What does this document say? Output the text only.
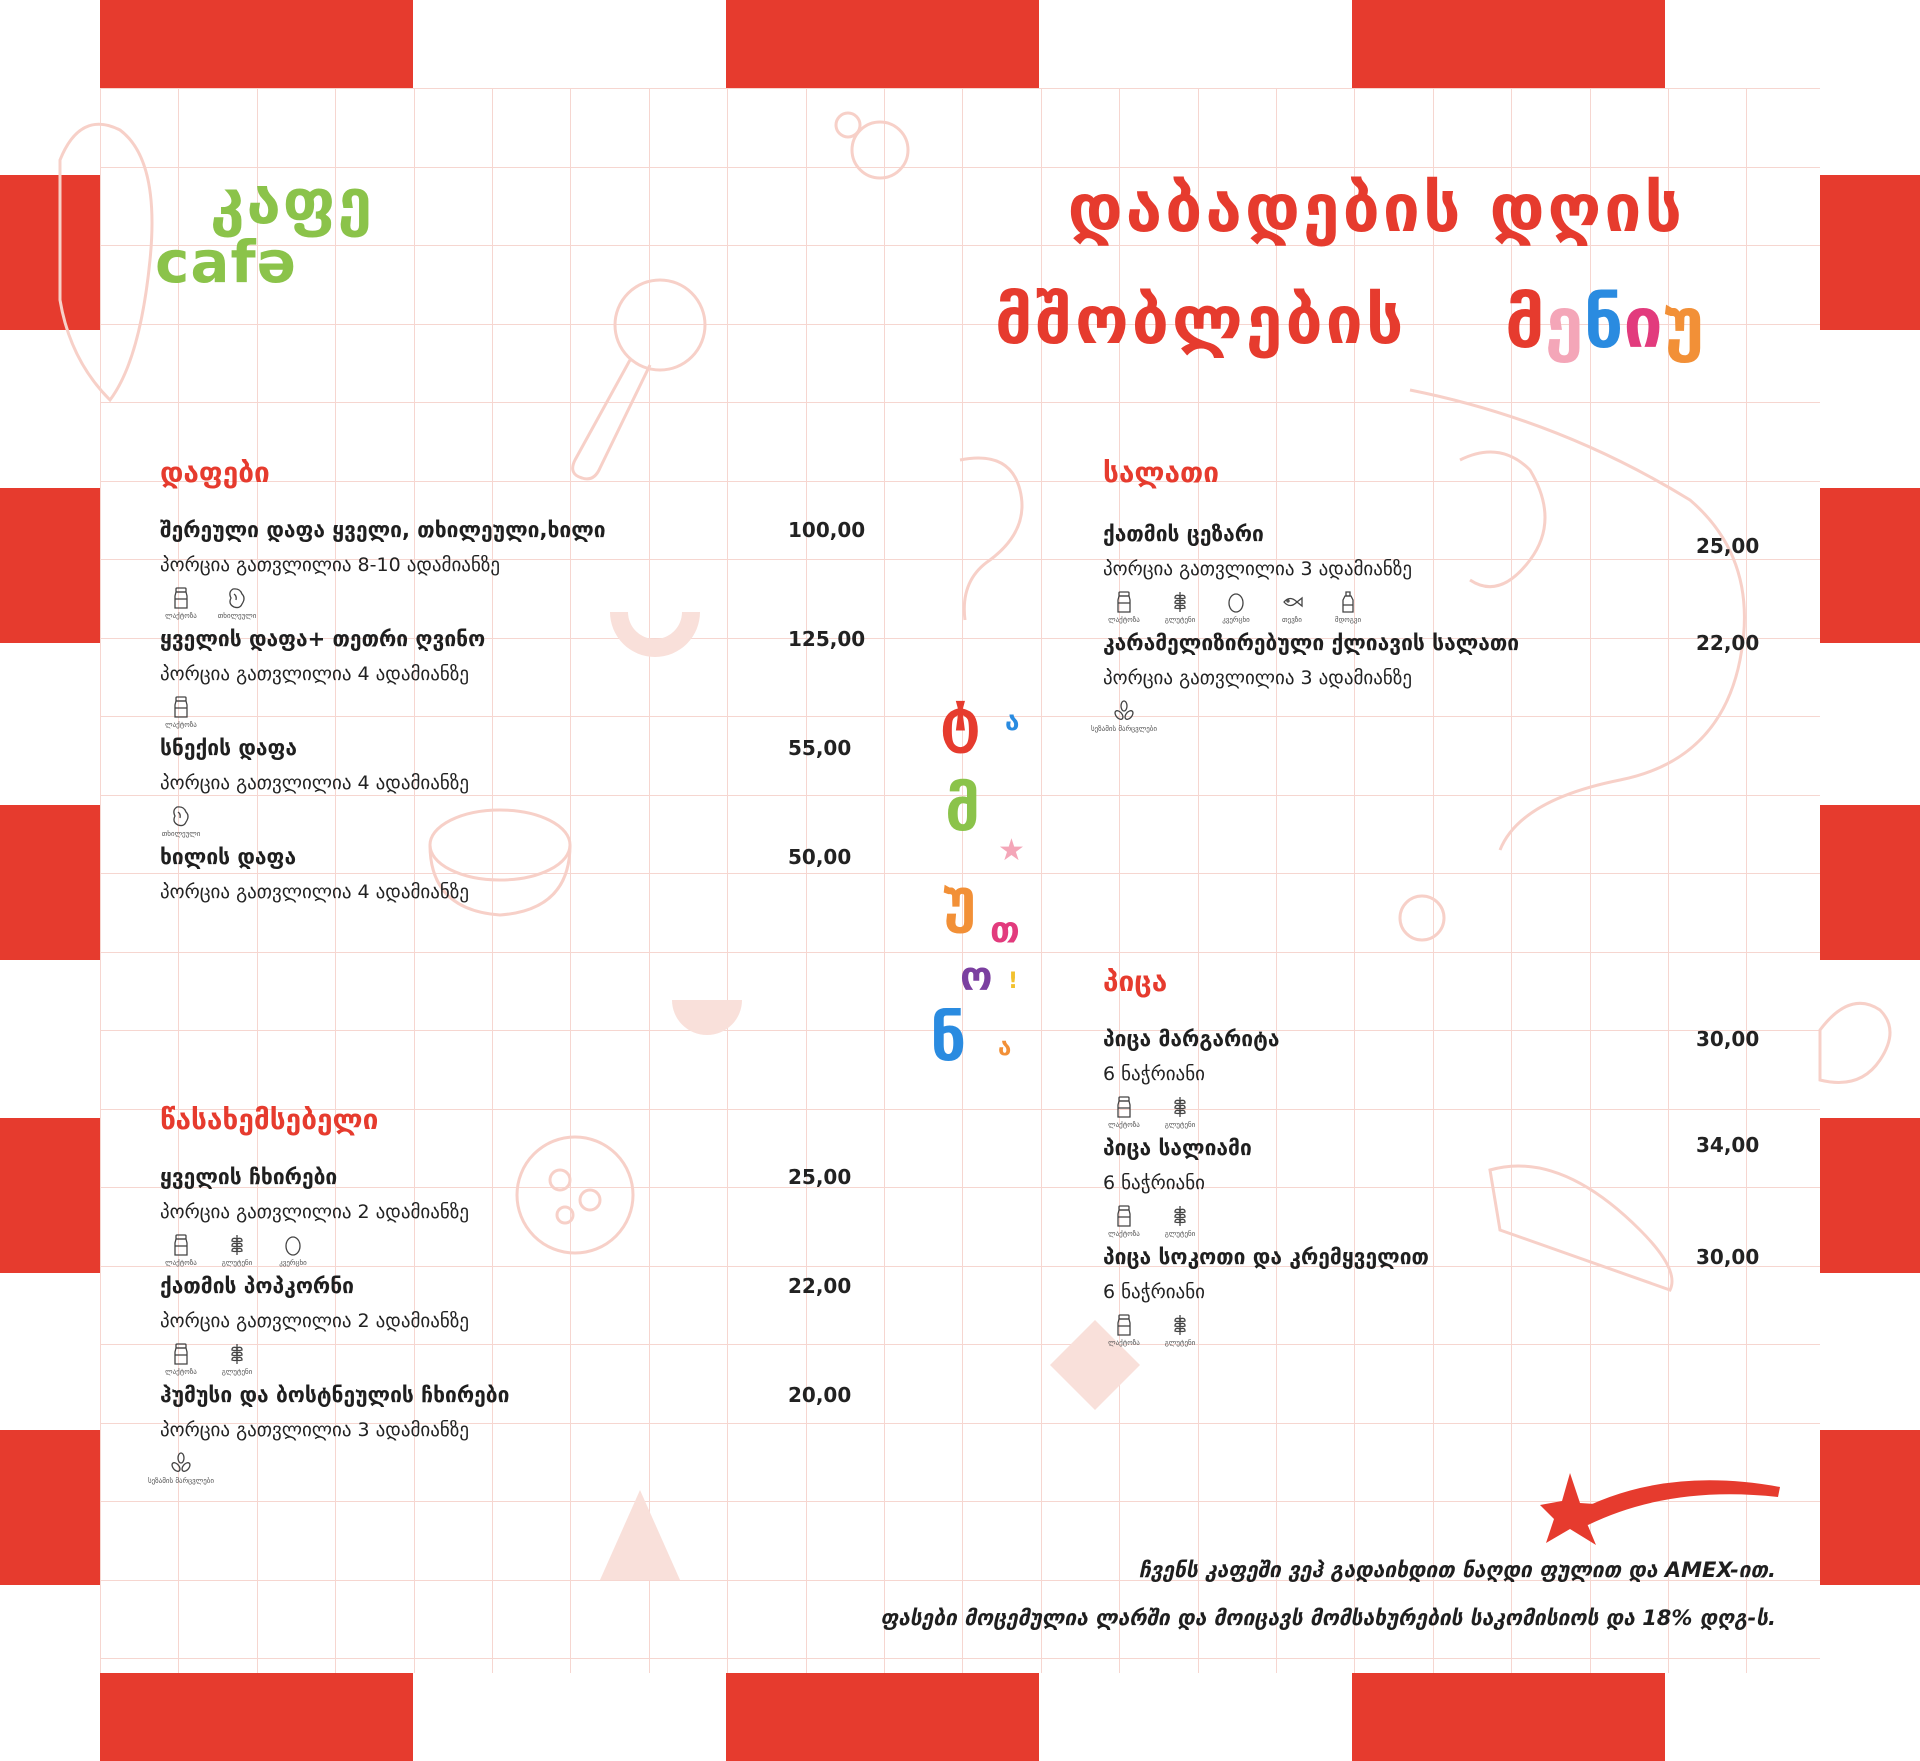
კაფე
cafə
დაბადების დღის
მშობლების მენიუ
ტ ა
მ
★
უ თ
ო !
ნ ა
დაფები
წასახემსებელი
სალათი
პიცა
შერეული დაფა ყველი, თხილეული,ხილი
პორცია გათვლილია 8-10 ადამიანზე
100,00
ლაქტოზა	თხილეული
ყველის დაფა+ თეთრი ღვინო
პორცია გათვლილია 4 ადამიანზე
125,00
ლაქტოზა
სნექის დაფა
პორცია გათვლილია 4 ადამიანზე
55,00
თხილეული
ხილის დაფა
პორცია გათვლილია 4 ადამიანზე
50,00
ყველის ჩხირები
პორცია გათვლილია 2 ადამიანზე
25,00
ლაქტოზა	გლუტენი	კვერცხი
ქათმის პოპკორნი
პორცია გათვლილია 2 ადამიანზე
22,00
ლაქტოზა	გლუტენი
ჰუმუსი და ბოსტნეულის ჩხირები
პორცია გათვლილია 3 ადამიანზე
20,00
სეზამის მარცვლები
ქათმის ცეზარი
პორცია გათვლილია 3 ადამიანზე
25,00
ლაქტოზა	გლუტენი	კვერცხი	თევზი	მდოგვი
კარამელიზირებული ქლიავის სალათი
პორცია გათვლილია 3 ადამიანზე
22,00
სეზამის მარცვლები
პიცა მარგარიტა
6 ნაჭრიანი
30,00
ლაქტოზა	გლუტენი
პიცა სალიამი
6 ნაჭრიანი
34,00
ლაქტოზა	გლუტენი
პიცა სოკოთი და კრემყველით
6 ნაჭრიანი
30,00
ლაქტოზა	გლუტენი
ჩვენს კაფეში ვეჰ გადაიხდით ნაღდი ფულით და AMEX-ით.
ფასები მოცემულია ლარში და მოიცავს მომსახურების საკომისიოს და 18% დღგ-ს.
